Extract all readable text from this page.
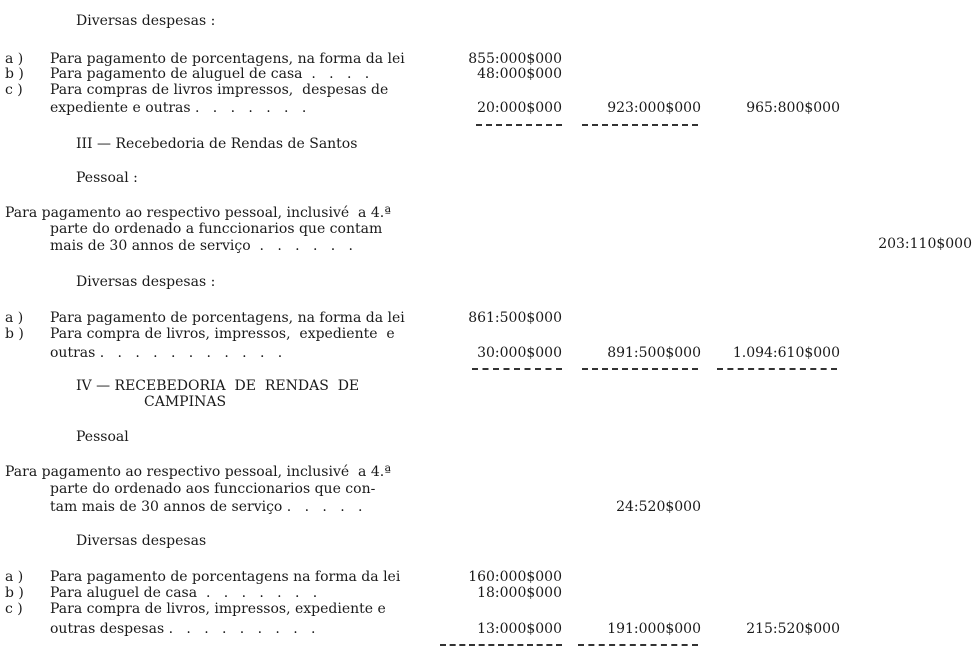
Diversas despesas :
a )	Para pagamento de porcentagens, na forma da lei	855:000$000
b )	Para pagamento de aluguel de casa  .   .   .   .	48:000$000
c )	Para compras de livros impressos,  despesas de
expediente e outras .   .   .   .   .   .   .	20:000$000	923:000$000	965:800$000
III — Recebedoria de Rendas de Santos
Pessoal :
Para pagamento ao respectivo pessoal, inclusivé  a 4.ª
parte do ordenado a funccionarios que contam
mais de 30 annos de serviço  .   .   .   .   .   .	203:110$000
Diversas despesas :
a )	Para pagamento de porcentagens, na forma da lei	861:500$000
b )	Para compra de livros, impressos,  expediente  e
outras .   .   .   .   .   .   .   .   .   .   .	30:000$000	891:500$000	1.094:610$000
IV — RECEBEDORIA  DE  RENDAS  DE
CAMPINAS
Pessoal
Para pagamento ao respectivo pessoal, inclusivé  a 4.ª
parte do ordenado aos funccionarios que con-
tam mais de 30 annos de serviço .   .   .   .   .	24:520$000
Diversas despesas
a )	Para pagamento de porcentagens na forma da lei	160:000$000
b )	Para aluguel de casa  .   .   .   .   .   .   .	18:000$000
c )	Para compra de livros, impressos, expediente e
outras despesas .   .   .   .   .   .   .   .   .	13:000$000	191:000$000	215:520$000
